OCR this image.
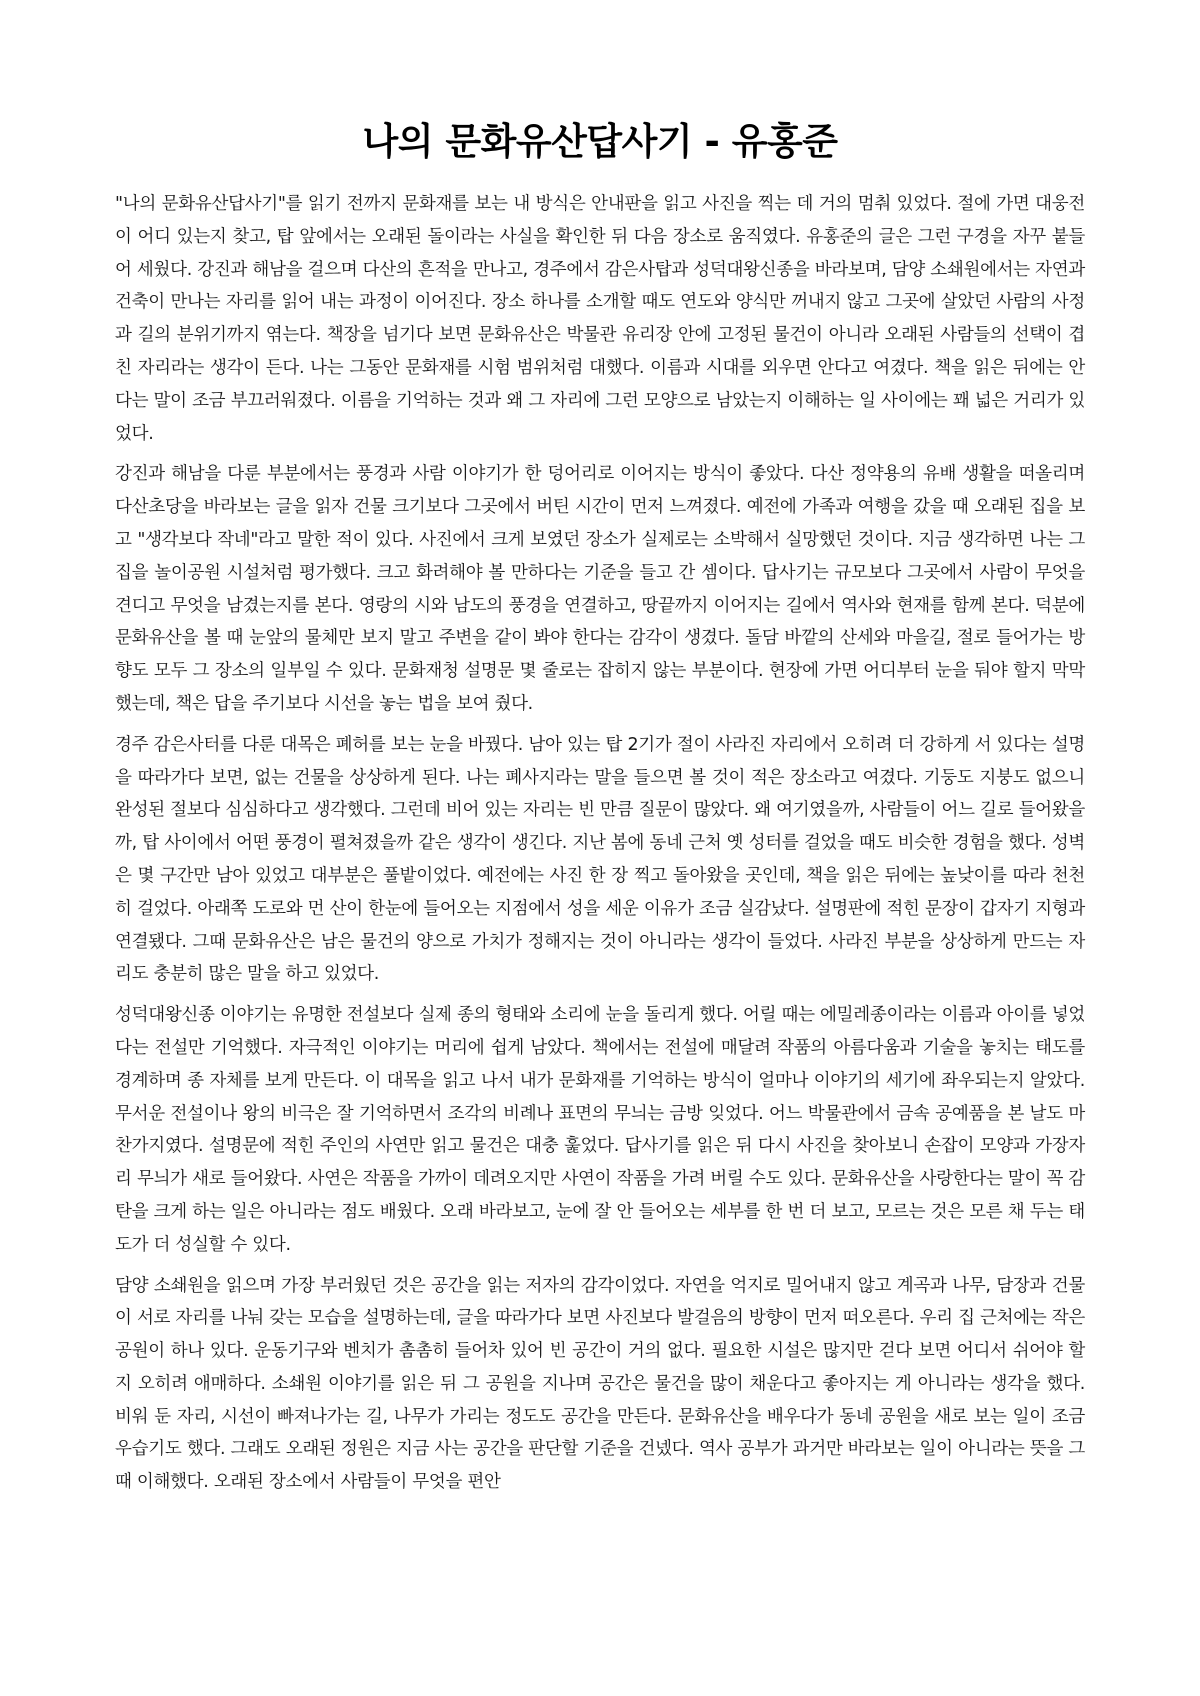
나의 문화유산답사기 - 유홍준

"나의 문화유산답사기"를 읽기 전까지 문화재를 보는 내 방식은 안내판을 읽고 사진을 찍는 데 거의 멈춰 있었다. 절에 가면 대웅전이 어디 있는지 찾고, 탑 앞에서는 오래된 돌이라는 사실을 확인한 뒤 다음 장소로 움직였다. 유홍준의 글은 그런 구경을 자꾸 붙들어 세웠다. 강진과 해남을 걸으며 다산의 흔적을 만나고, 경주에서 감은사탑과 성덕대왕신종을 바라보며, 담양 소쇄원에서는 자연과 건축이 만나는 자리를 읽어 내는 과정이 이어진다. 장소 하나를 소개할 때도 연도와 양식만 꺼내지 않고 그곳에 살았던 사람의 사정과 길의 분위기까지 엮는다. 책장을 넘기다 보면 문화유산은 박물관 유리장 안에 고정된 물건이 아니라 오래된 사람들의 선택이 겹친 자리라는 생각이 든다. 나는 그동안 문화재를 시험 범위처럼 대했다. 이름과 시대를 외우면 안다고 여겼다. 책을 읽은 뒤에는 안다는 말이 조금 부끄러워졌다. 이름을 기억하는 것과 왜 그 자리에 그런 모양으로 남았는지 이해하는 일 사이에는 꽤 넓은 거리가 있었다.

강진과 해남을 다룬 부분에서는 풍경과 사람 이야기가 한 덩어리로 이어지는 방식이 좋았다. 다산 정약용의 유배 생활을 떠올리며 다산초당을 바라보는 글을 읽자 건물 크기보다 그곳에서 버틴 시간이 먼저 느껴졌다. 예전에 가족과 여행을 갔을 때 오래된 집을 보고 "생각보다 작네"라고 말한 적이 있다. 사진에서 크게 보였던 장소가 실제로는 소박해서 실망했던 것이다. 지금 생각하면 나는 그 집을 놀이공원 시설처럼 평가했다. 크고 화려해야 볼 만하다는 기준을 들고 간 셈이다. 답사기는 규모보다 그곳에서 사람이 무엇을 견디고 무엇을 남겼는지를 본다. 영랑의 시와 남도의 풍경을 연결하고, 땅끝까지 이어지는 길에서 역사와 현재를 함께 본다. 덕분에 문화유산을 볼 때 눈앞의 물체만 보지 말고 주변을 같이 봐야 한다는 감각이 생겼다. 돌담 바깥의 산세와 마을길, 절로 들어가는 방향도 모두 그 장소의 일부일 수 있다. 문화재청 설명문 몇 줄로는 잡히지 않는 부분이다. 현장에 가면 어디부터 눈을 둬야 할지 막막했는데, 책은 답을 주기보다 시선을 놓는 법을 보여 줬다.

경주 감은사터를 다룬 대목은 폐허를 보는 눈을 바꿨다. 남아 있는 탑 2기가 절이 사라진 자리에서 오히려 더 강하게 서 있다는 설명을 따라가다 보면, 없는 건물을 상상하게 된다. 나는 폐사지라는 말을 들으면 볼 것이 적은 장소라고 여겼다. 기둥도 지붕도 없으니 완성된 절보다 심심하다고 생각했다. 그런데 비어 있는 자리는 빈 만큼 질문이 많았다. 왜 여기였을까, 사람들이 어느 길로 들어왔을까, 탑 사이에서 어떤 풍경이 펼쳐졌을까 같은 생각이 생긴다. 지난 봄에 동네 근처 옛 성터를 걸었을 때도 비슷한 경험을 했다. 성벽은 몇 구간만 남아 있었고 대부분은 풀밭이었다. 예전에는 사진 한 장 찍고 돌아왔을 곳인데, 책을 읽은 뒤에는 높낮이를 따라 천천히 걸었다. 아래쪽 도로와 먼 산이 한눈에 들어오는 지점에서 성을 세운 이유가 조금 실감났다. 설명판에 적힌 문장이 갑자기 지형과 연결됐다. 그때 문화유산은 남은 물건의 양으로 가치가 정해지는 것이 아니라는 생각이 들었다. 사라진 부분을 상상하게 만드는 자리도 충분히 많은 말을 하고 있었다.

성덕대왕신종 이야기는 유명한 전설보다 실제 종의 형태와 소리에 눈을 돌리게 했다. 어릴 때는 에밀레종이라는 이름과 아이를 넣었다는 전설만 기억했다. 자극적인 이야기는 머리에 쉽게 남았다. 책에서는 전설에 매달려 작품의 아름다움과 기술을 놓치는 태도를 경계하며 종 자체를 보게 만든다. 이 대목을 읽고 나서 내가 문화재를 기억하는 방식이 얼마나 이야기의 세기에 좌우되는지 알았다. 무서운 전설이나 왕의 비극은 잘 기억하면서 조각의 비례나 표면의 무늬는 금방 잊었다. 어느 박물관에서 금속 공예품을 본 날도 마찬가지였다. 설명문에 적힌 주인의 사연만 읽고 물건은 대충 훑었다. 답사기를 읽은 뒤 다시 사진을 찾아보니 손잡이 모양과 가장자리 무늬가 새로 들어왔다. 사연은 작품을 가까이 데려오지만 사연이 작품을 가려 버릴 수도 있다. 문화유산을 사랑한다는 말이 꼭 감탄을 크게 하는 일은 아니라는 점도 배웠다. 오래 바라보고, 눈에 잘 안 들어오는 세부를 한 번 더 보고, 모르는 것은 모른 채 두는 태도가 더 성실할 수 있다.

담양 소쇄원을 읽으며 가장 부러웠던 것은 공간을 읽는 저자의 감각이었다. 자연을 억지로 밀어내지 않고 계곡과 나무, 담장과 건물이 서로 자리를 나눠 갖는 모습을 설명하는데, 글을 따라가다 보면 사진보다 발걸음의 방향이 먼저 떠오른다. 우리 집 근처에는 작은 공원이 하나 있다. 운동기구와 벤치가 촘촘히 들어차 있어 빈 공간이 거의 없다. 필요한 시설은 많지만 걷다 보면 어디서 쉬어야 할지 오히려 애매하다. 소쇄원 이야기를 읽은 뒤 그 공원을 지나며 공간은 물건을 많이 채운다고 좋아지는 게 아니라는 생각을 했다. 비워 둔 자리, 시선이 빠져나가는 길, 나무가 가리는 정도도 공간을 만든다. 문화유산을 배우다가 동네 공원을 새로 보는 일이 조금 우습기도 했다. 그래도 오래된 정원은 지금 사는 공간을 판단할 기준을 건넸다. 역사 공부가 과거만 바라보는 일이 아니라는 뜻을 그때 이해했다. 오래된 장소에서 사람들이 무엇을 편안
